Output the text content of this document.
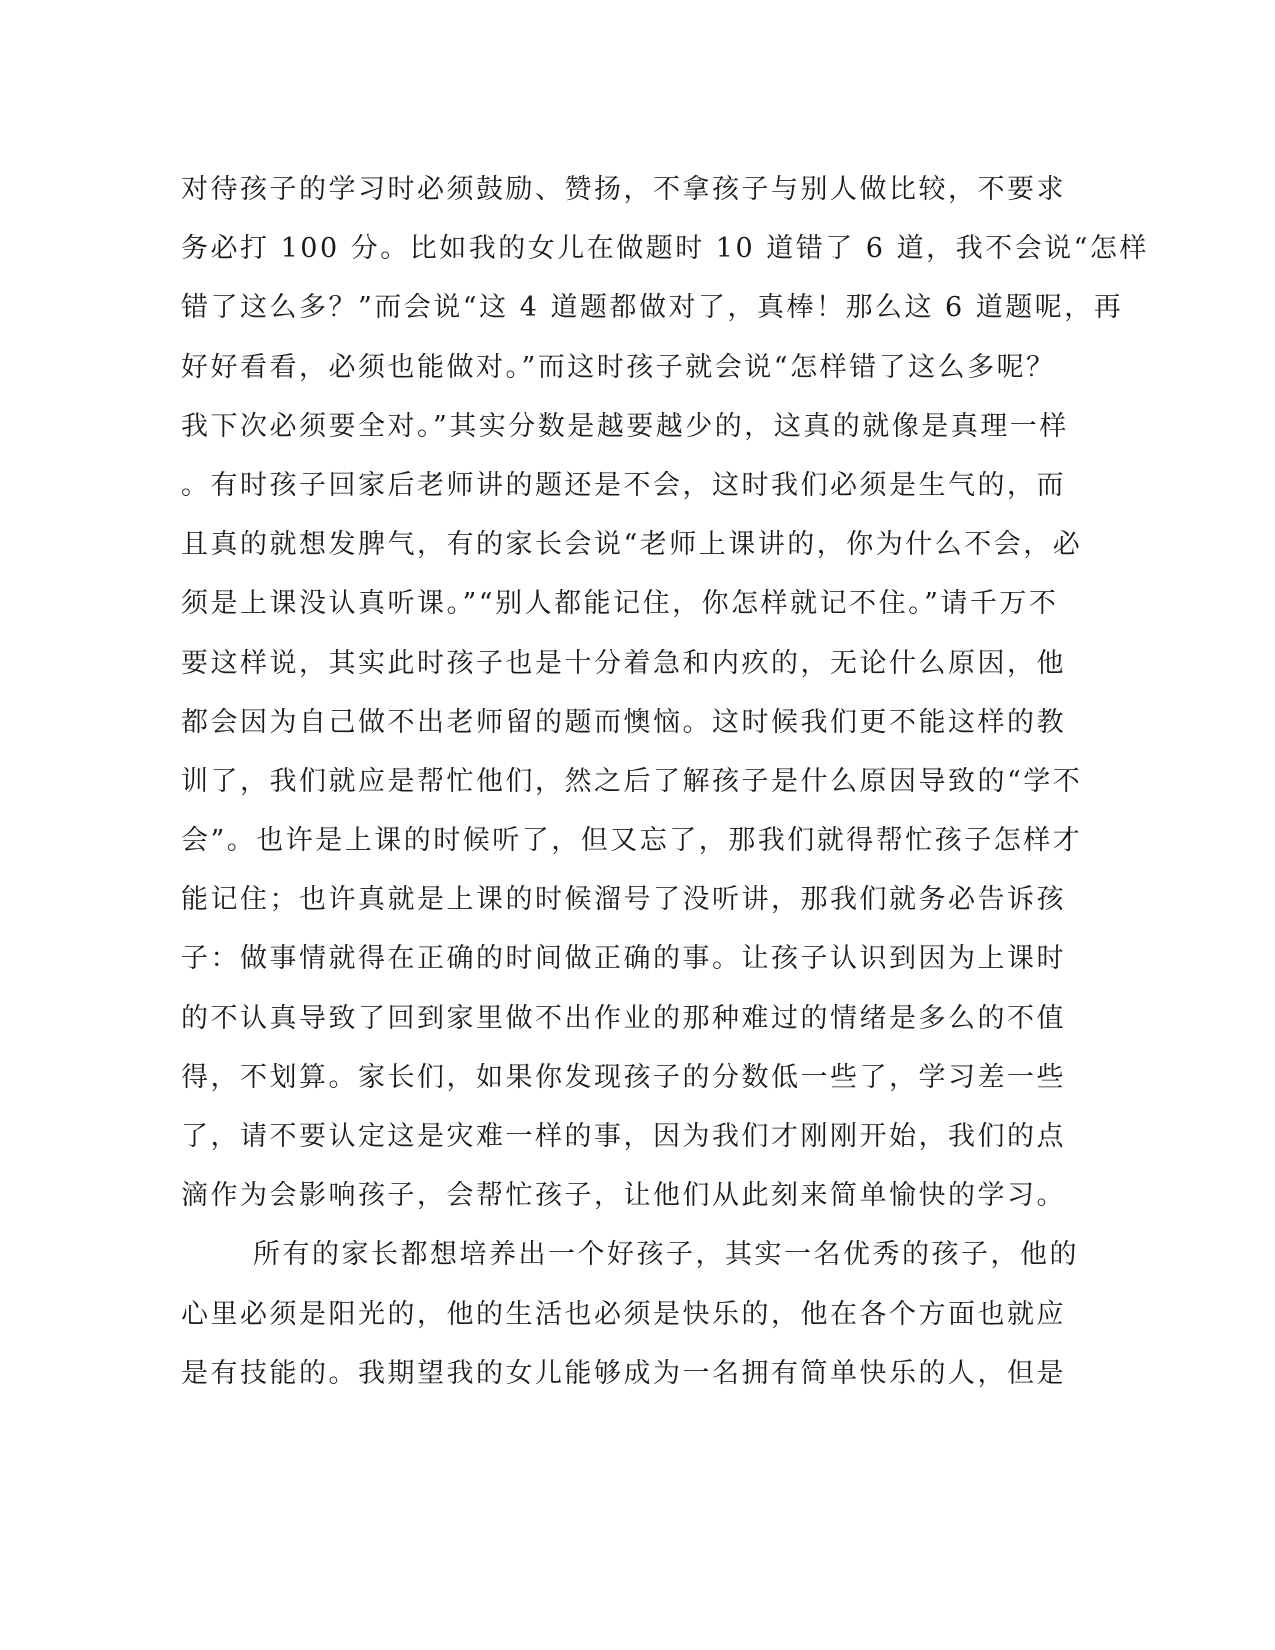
对待孩子的学习时必须鼓励、赞扬，不拿孩子与别人做比较，不要求
务必打 100 分。比如我的女儿在做题时 10 道错了 6 道，我不会说“怎样
错了这么多？”而会说“这 4 道题都做对了，真棒！那么这 6 道题呢，再
好好看看，必须也能做对。”而这时孩子就会说“怎样错了这么多呢？
我下次必须要全对。”其实分数是越要越少的，这真的就像是真理一样
。有时孩子回家后老师讲的题还是不会，这时我们必须是生气的，而
且真的就想发脾气，有的家长会说“老师上课讲的，你为什么不会，必
须是上课没认真听课。”“别人都能记住，你怎样就记不住。”请千万不
要这样说，其实此时孩子也是十分着急和内疚的，无论什么原因，他
都会因为自己做不出老师留的题而懊恼。这时候我们更不能这样的教
训了，我们就应是帮忙他们，然之后了解孩子是什么原因导致的“学不
会”。也许是上课的时候听了，但又忘了，那我们就得帮忙孩子怎样才
能记住；也许真就是上课的时候溜号了没听讲，那我们就务必告诉孩
子：做事情就得在正确的时间做正确的事。让孩子认识到因为上课时
的不认真导致了回到家里做不出作业的那种难过的情绪是多么的不值
得，不划算。家长们，如果你发现孩子的分数低一些了，学习差一些
了，请不要认定这是灾难一样的事，因为我们才刚刚开始，我们的点
滴作为会影响孩子，会帮忙孩子，让他们从此刻来简单愉快的学习。
所有的家长都想培养出一个好孩子，其实一名优秀的孩子，他的
心里必须是阳光的，他的生活也必须是快乐的，他在各个方面也就应
是有技能的。我期望我的女儿能够成为一名拥有简单快乐的人，但是
